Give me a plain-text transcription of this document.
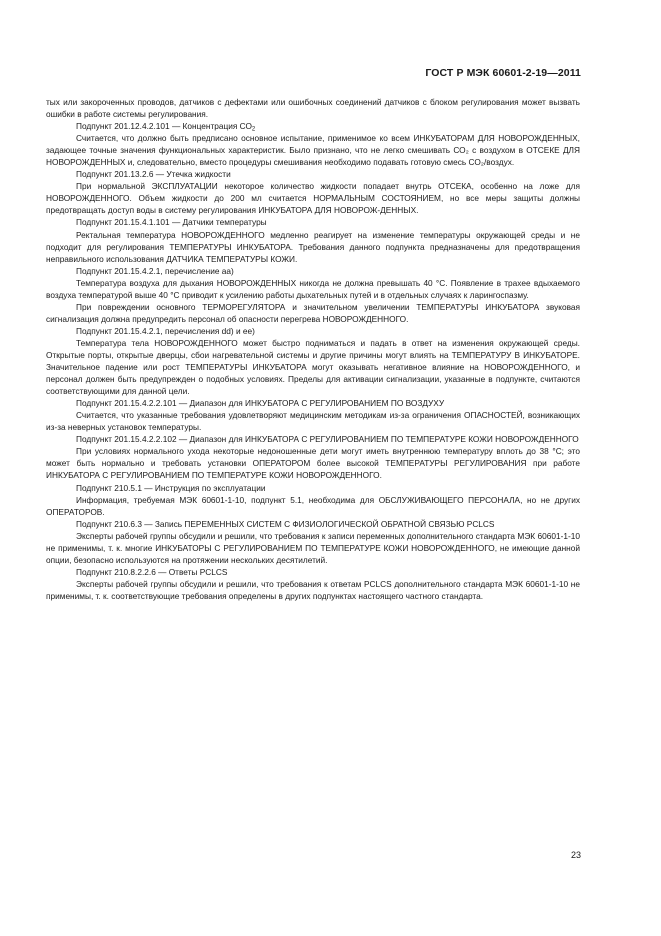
ГОСТ Р МЭК 60601-2-19—2011

тых или закороченных проводов, датчиков с дефектами или ошибочных соединений датчиков с блоком регулирования может вызвать ошибки в работе системы регулирования.

Подпункт 201.12.4.2.101 — Концентрация $СО_2$

Считается, что должно быть предписано основное испытание, применимое ко всем ИНКУБАТОРАМ ДЛЯ НОВОРОЖДЕННЫХ, задающее точные значения функциональных характеристик. Было признано, что не легко смешивать СО₂ с воздухом в ОТСЕКЕ ДЛЯ НОВОРОЖДЕННЫХ и, следовательно, вместо процедуры смешивания необходимо подавать готовую смесь СО₂/воздух.

Подпункт 201.13.2.6 — Утечка жидкости

При нормальной ЭКСПЛУАТАЦИИ некоторое количество жидкости попадает внутрь ОТСЕКА, особенно на ложе для НОВОРОЖДЕННОГО. Объем жидкости до 200 мл считается НОРМАЛЬНЫМ СОСТОЯНИЕМ, но все меры защиты должны предотвращать доступ воды в систему регулирования ИНКУБАТОРА ДЛЯ НОВОРОЖ-ДЕННЫХ.

Подпункт 201.15.4.1.101 — Датчики температуры

Ректальная температура НОВОРОЖДЕННОГО медленно реагирует на изменение температуры окружающей среды и не подходит для регулирования ТЕМПЕРАТУРЫ ИНКУБАТОРА. Требования данного подпункта предназначены для предотвращения неправильного использования ДАТЧИКА ТЕМПЕРАТУРЫ КОЖИ.

Подпункт 201.15.4.2.1, перечисление аа)

Температура воздуха для дыхания НОВОРОЖДЕННЫХ никогда не должна превышать 40 °С. Появление в трахее вдыхаемого воздуха температурой выше 40 °С приводит к усилению работы дыхательных путей и в отдельных случаях к ларингоспазму.

При повреждении основного ТЕРМОРЕГУЛЯТОРА и значительном увеличении ТЕМПЕРАТУРЫ ИНКУБАТОРА звуковая сигнализация должна предупредить персонал об опасности перегрева НОВОРОЖДЕННОГО.

Подпункт 201.15.4.2.1, перечисления dd) и ее)

Температура тела НОВОРОЖДЕННОГО может быстро подниматься и падать в ответ на изменения окружающей среды. Открытые порты, открытые дверцы, сбои нагревательной системы и другие причины могут влиять на ТЕМПЕРАТУРУ В ИНКУБАТОРЕ. Значительное падение или рост ТЕМПЕРАТУРЫ ИНКУБАТОРА могут оказывать негативное влияние на НОВОРОЖДЕННОГО, и персонал должен быть предупрежден о подобных условиях. Пределы для активации сигнализации, указанные в подпункте, считаются соответствующими для данной цели.

Подпункт 201.15.4.2.2.101 — Диапазон для ИНКУБАТОРА С РЕГУЛИРОВАНИЕМ ПО ВОЗДУХУ

Считается, что указанные требования удовлетворяют медицинским методикам из-за ограничения ОПАСНОСТЕЙ, возникающих из-за неверных установок температуры.

Подпункт 201.15.4.2.2.102 — Диапазон для ИНКУБАТОРА С РЕГУЛИРОВАНИЕМ ПО ТЕМПЕРАТУРЕ КОЖИ НОВОРОЖДЕННОГО

При условиях нормального ухода некоторые недоношенные дети могут иметь внутреннюю температуру вплоть до 38 °С; это может быть нормально и требовать установки ОПЕРАТОРОМ более высокой ТЕМПЕРАТУРЫ РЕГУЛИРОВАНИЯ при работе ИНКУБАТОРА С РЕГУЛИРОВАНИЕМ ПО ТЕМПЕРАТУРЕ КОЖИ НОВОРОЖДЕННОГО.

Подпункт 210.5.1 — Инструкция по эксплуатации

Информация, требуемая МЭК 60601-1-10, подпункт 5.1, необходима для ОБСЛУЖИВАЮЩЕГО ПЕРСОНАЛА, но не других ОПЕРАТОРОВ.

Подпункт 210.6.3 — Запись ПЕРЕМЕННЫХ СИСТЕМ С ФИЗИОЛОГИЧЕСКОЙ ОБРАТНОЙ СВЯЗЬЮ PCLCS

Эксперты рабочей группы обсудили и решили, что требования к записи переменных дополнительного стандарта МЭК 60601-1-10 не применимы, т. к. многие ИНКУБАТОРЫ С РЕГУЛИРОВАНИЕМ ПО ТЕМПЕРАТУРЕ КОЖИ НОВОРОЖДЕННОГО, не имеющие данной опции, безопасно используются на протяжении нескольких десятилетий.

Подпункт 210.8.2.2.6 — Ответы PCLCS

Эксперты рабочей группы обсудили и решили, что требования к ответам PCLCS дополнительного стандарта МЭК 60601-1-10 не применимы, т. к. соответствующие требования определены в других подпунктах настоящего частного стандарта.

23
